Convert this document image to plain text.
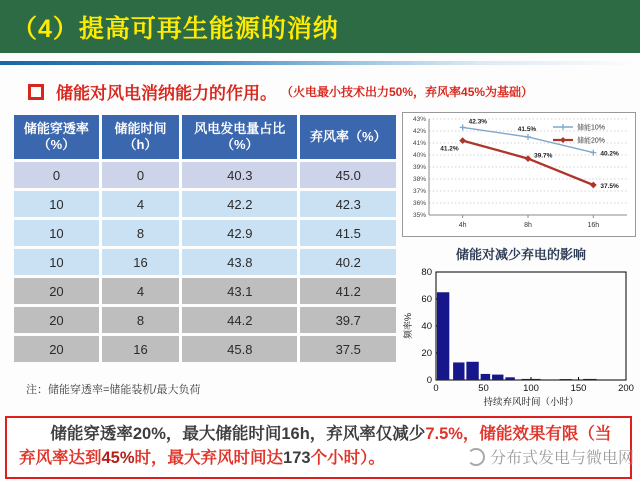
（4）提高可再生能源的消纳
储能对风电消纳能力的作用。 （火电最小技术出力50%，弃风率45%为基础）
储能穿透率
（%）

储能时间
（h）

风电发电量占比
（%）

弃风率（%）

0	0	40.3	45.0
10	4	42.2	42.3
10	8	42.9	41.5
10	16	43.8	40.2
20	4	43.1	41.2
20	8	44.2	39.7
20	16	45.8	37.5
注：储能穿透率=储能装机/最大负荷
35%
36%
37%
38%
39%
40%
41%
42%
43%
4h	8h	16h
42.3%
41.5%
40.2%
41.2%
39.7%
37.5%
储能10%
储能20%
储能对减少弃电的影响
0
20
40
60
80
0	50	100	150	200
持续弃风时间（小时）
频率%
储能穿透率20%，最大储能时间16h，弃风率仅减少7.5%，储能效果有限（当弃风率达到45%时，最大弃风时间达173个小时）。	分布式发电与微电网
